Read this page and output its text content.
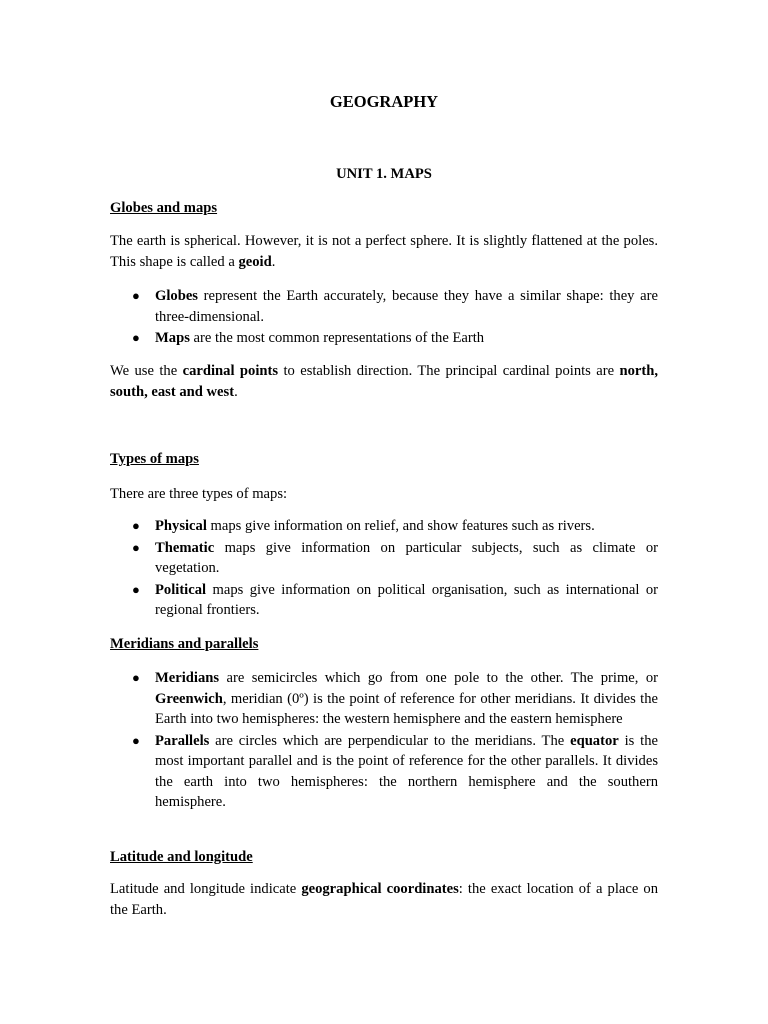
GEOGRAPHY
UNIT 1. MAPS
Globes and maps

The earth is spherical. However, it is not a perfect sphere. It is slightly flattened at the poles. This shape is called a geoid.

● Globes represent the Earth accurately, because they have a similar shape: they are three-dimensional.
● Maps are the most common representations of the Earth

We use the cardinal points to establish direction. The principal cardinal points are north, south, east and west.

Types of maps

There are three types of maps:

● Physical maps give information on relief, and show features such as rivers.
● Thematic maps give information on particular subjects, such as climate or vegetation.
● Political maps give information on political organisation, such as international or regional frontiers.
Meridians and parallels
● Meridians are semicircles which go from one pole to the other. The prime, or Greenwich, meridian (0º) is the point of reference for other meridians. It divides the Earth into two hemispheres: the western hemisphere and the eastern hemisphere
● Parallels are circles which are perpendicular to the meridians. The equator is the most important parallel and is the point of reference for the other parallels. It divides the earth into two hemispheres: the northern hemisphere and the southern hemisphere.
Latitude and longitude

Latitude and longitude indicate geographical coordinates: the exact location of a place on the Earth.
